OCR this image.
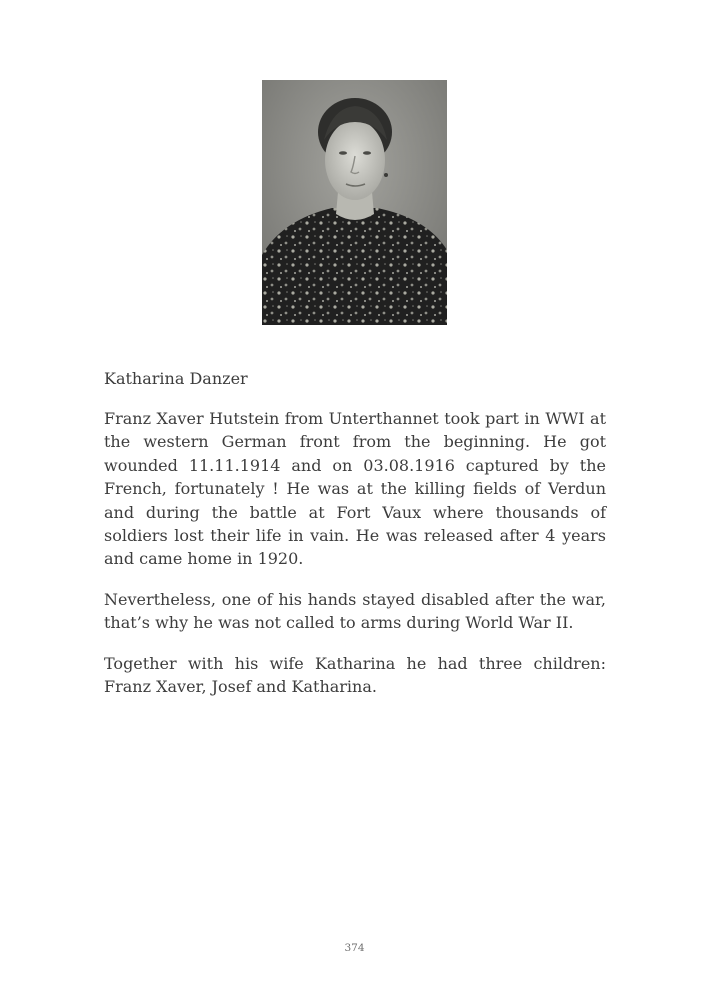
Katharina Danzer

Franz Xaver Hutstein from Unterthannet took part in WWI at the western German front from the beginning. He got wounded 11.11.1914 and on 03.08.1916 captured by the French, fortunately ! He was at the killing fields of Verdun and during the battle at Fort Vaux where thousands of soldiers lost their life in vain. He was released after 4 years and came home in 1920.

Nevertheless, one of his hands stayed disabled after the war, that’s why he was not called to arms during World War II.

Together with his wife Katharina he had three children: Franz Xaver, Josef and Katharina.

374
